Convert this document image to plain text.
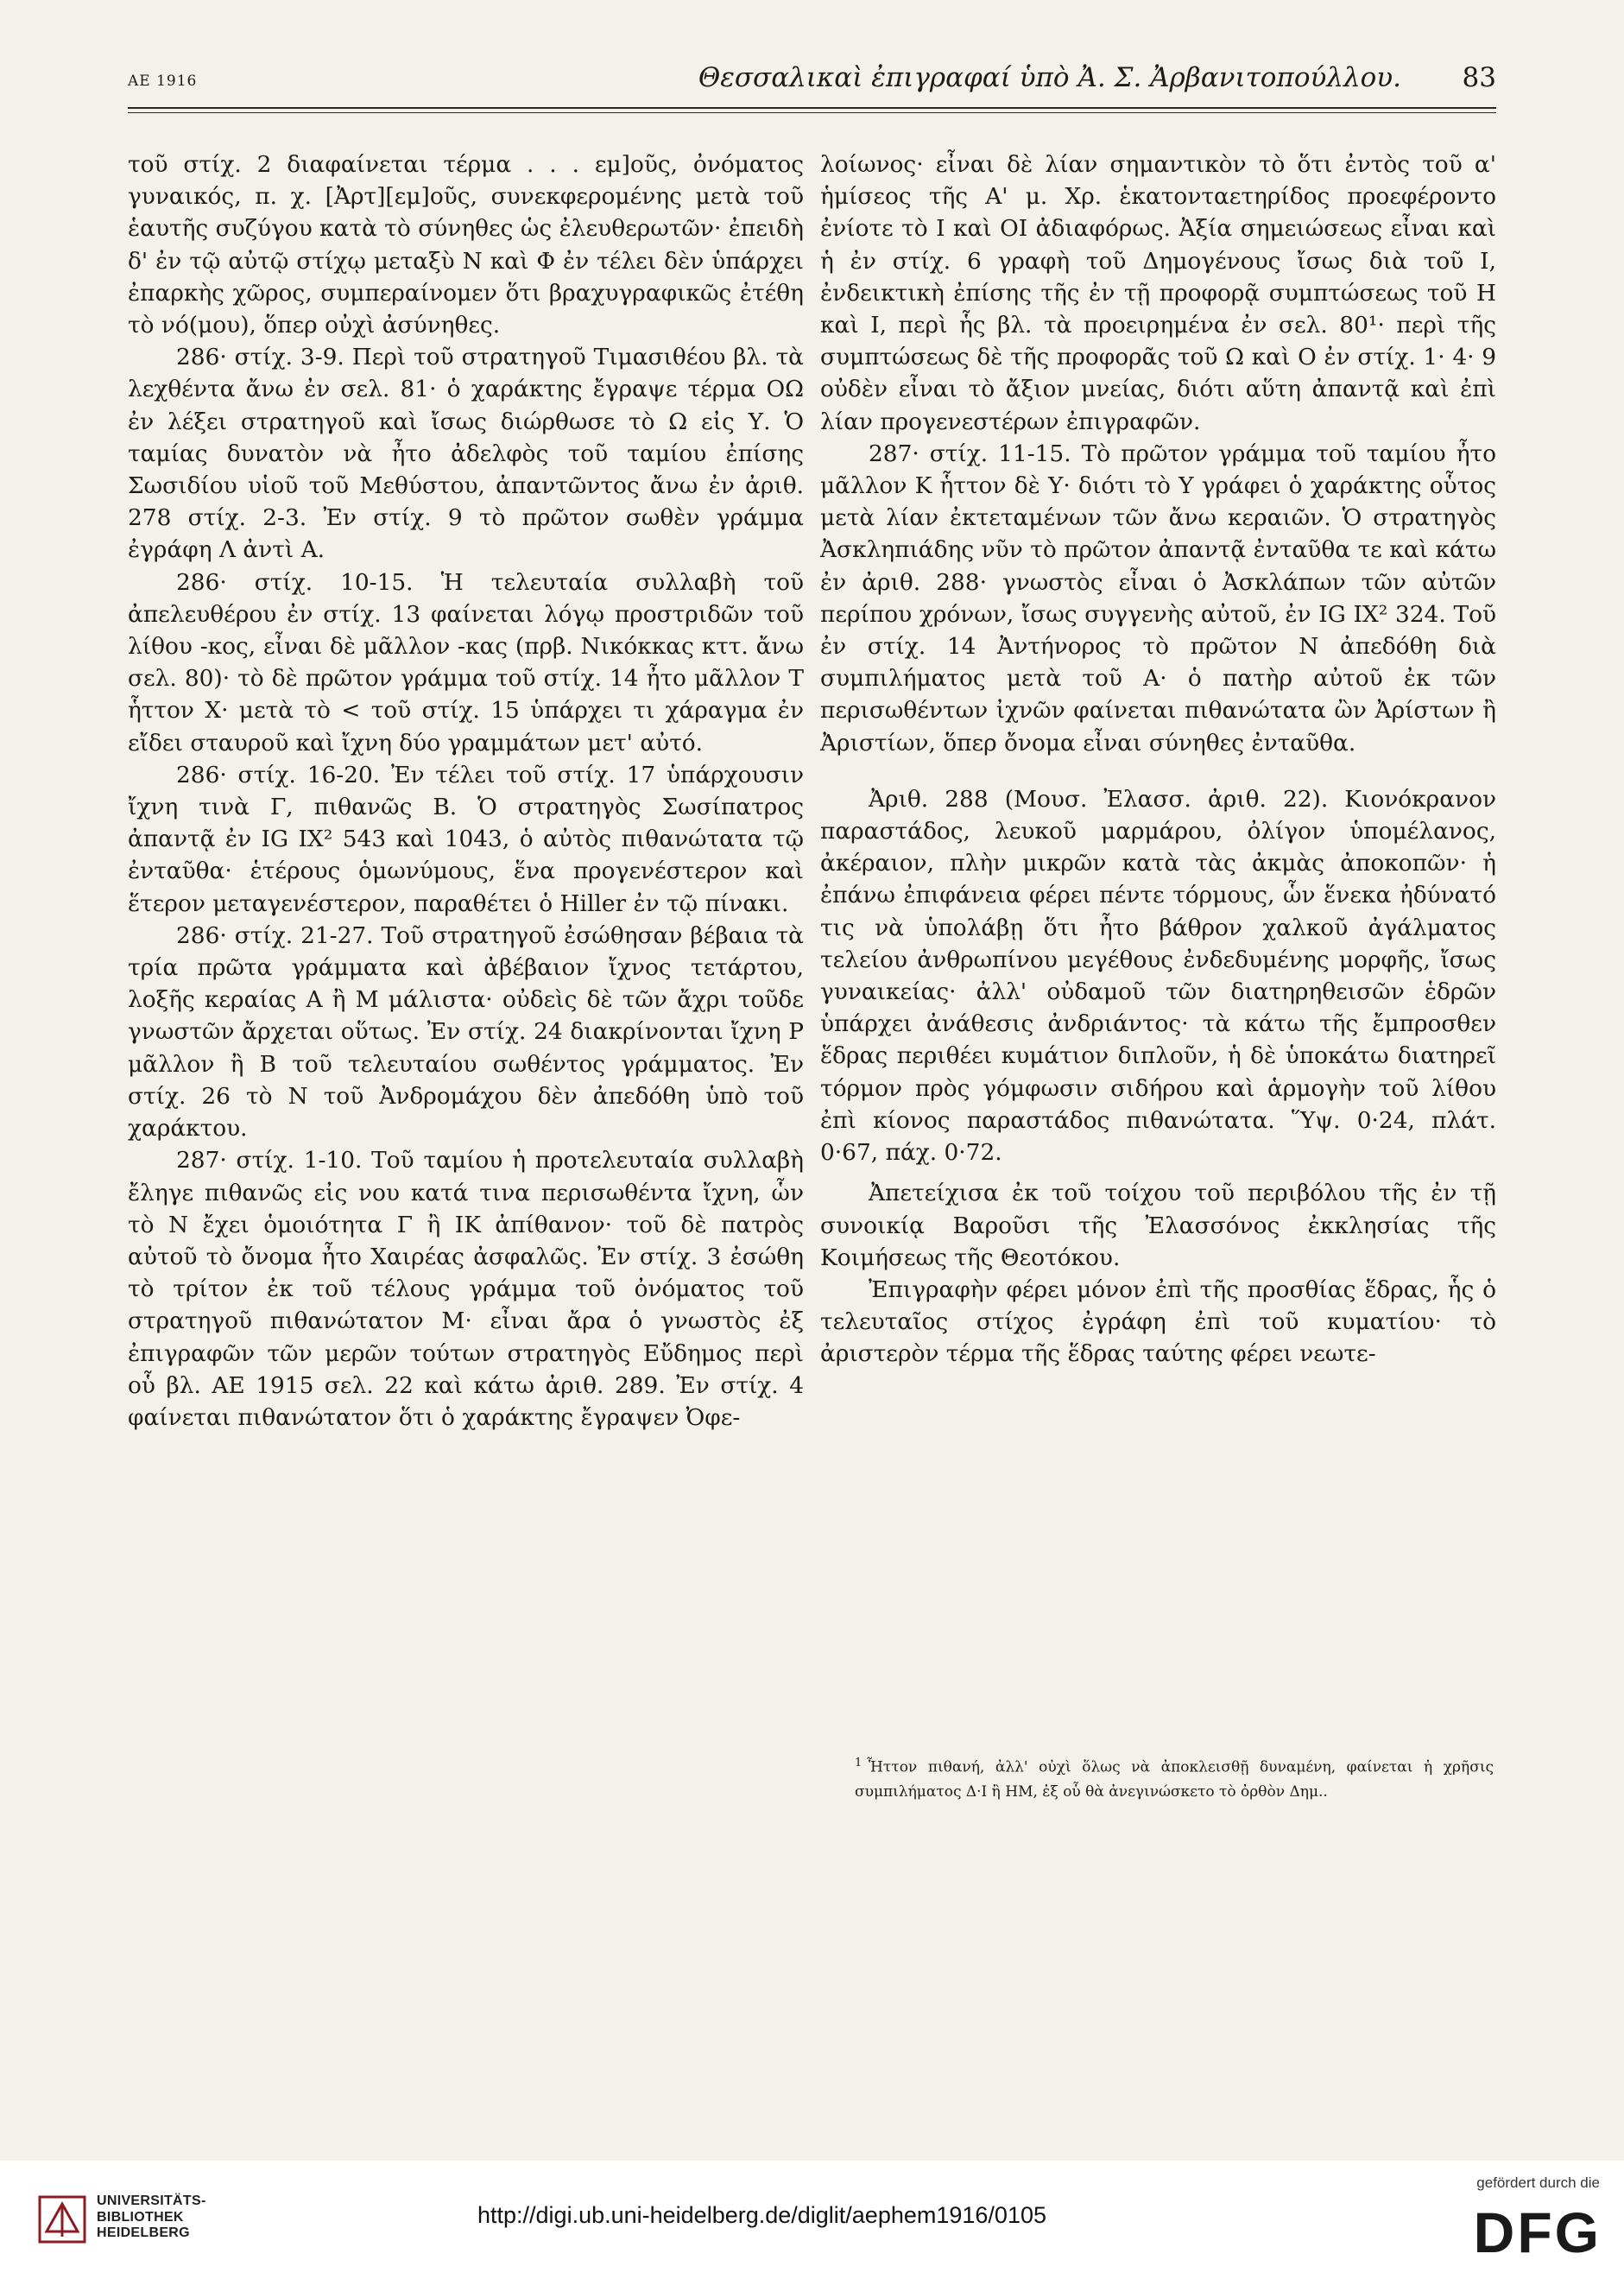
ΑΕ 1916	Θεσσαλικαὶ ἐπιγραφαί ὑπὸ Ἀ. Σ. Ἀρβανιτοπούλλου. 83

τοῦ στίχ. 2 διαφαίνεται τέρμα . . . εμ]οῦς, ὀνόματος γυναικός, π. χ. [Ἀρτ][εμ]οῦς, συνεκφερομένης μετὰ τοῦ ἑαυτῆς συζύγου κατὰ τὸ σύνηθες ὡς ἐλευθερωτῶν· ἐπειδὴ δ' ἐν τῷ αὐτῷ στίχῳ μεταξὺ Ν καὶ Φ ἐν τέλει δὲν ὑπάρχει ἐπαρκὴς χῶρος, συμπεραίνομεν ὅτι βραχυγραφικῶς ἐτέθη τὸ νό(μου), ὅπερ οὐχὶ ἀσύνηθες.

286· στίχ. 3-9. Περὶ τοῦ στρατηγοῦ Τιμασιθέου βλ. τὰ λεχθέντα ἄνω ἐν σελ. 81· ὁ χαράκτης ἔγραψε τέρμα ΟΩ ἐν λέξει στρατηγοῦ καὶ ἴσως διώρθωσε τὸ Ω εἰς Υ. Ὁ ταμίας δυνατὸν νὰ ἦτο ἀδελφὸς τοῦ ταμίου ἐπίσης Σωσιδίου υἱοῦ τοῦ Μεθύστου, ἀπαντῶντος ἄνω ἐν ἀριθ. 278 στίχ. 2-3. Ἐν στίχ. 9 τὸ πρῶτον σωθὲν γράμμα ἐγράφη Λ ἀντὶ Α.

286· στίχ. 10-15. Ἡ τελευταία συλλαβὴ τοῦ ἀπελευθέρου ἐν στίχ. 13 φαίνεται λόγῳ προστριδῶν τοῦ λίθου -κος, εἶναι δὲ μᾶλλον -κας (πρβ. Νικόκκας κττ. ἄνω σελ. 80)· τὸ δὲ πρῶτον γράμμα τοῦ στίχ. 14 ἦτο μᾶλλον Τ ἧττον Χ· μετὰ τὸ < τοῦ στίχ. 15 ὑπάρχει τι χάραγμα ἐν εἴδει σταυροῦ καὶ ἴχνη δύο γραμμάτων μετ' αὐτό.

286· στίχ. 16-20. Ἐν τέλει τοῦ στίχ. 17 ὑπάρχουσιν ἴχνη τινὰ Γ, πιθανῶς Β. Ὁ στρατηγὸς Σωσίπατρος ἀπαντᾷ ἐν IG IX² 543 καὶ 1043, ὁ αὐτὸς πιθανώτατα τῷ ἐνταῦθα· ἑτέρους ὁμωνύμους, ἕνα προγενέστερον καὶ ἕτερον μεταγενέστερον, παραθέτει ὁ Hiller ἐν τῷ πίνακι.

286· στίχ. 21-27. Τοῦ στρατηγοῦ ἐσώθησαν βέβαια τὰ τρία πρῶτα γράμματα καὶ ἀβέβαιον ἴχνος τετάρτου, λοξῆς κεραίας Α ἢ Μ μάλιστα· οὐδεὶς δὲ τῶν ἄχρι τοῦδε γνωστῶν ἄρχεται οὕτως. Ἐν στίχ. 24 διακρίνονται ἴχνη Ρ μᾶλλον ἢ Β τοῦ τελευταίου σωθέντος γράμματος. Ἐν στίχ. 26 τὸ Ν τοῦ Ἀνδρομάχου δὲν ἀπεδόθη ὑπὸ τοῦ χαράκτου.

287· στίχ. 1-10. Τοῦ ταμίου ἡ προτελευταία συλλαβὴ ἔληγε πιθανῶς εἰς νου κατά τινα περισωθέντα ἴχνη, ὧν τὸ Ν ἔχει ὁμοιότητα Γ ἢ ΙΚ ἀπίθανον· τοῦ δὲ πατρὸς αὐτοῦ τὸ ὄνομα ἦτο Χαιρέας ἀσφαλῶς. Ἐν στίχ. 3 ἐσώθη τὸ τρίτον ἐκ τοῦ τέλους γράμμα τοῦ ὀνόματος τοῦ στρατηγοῦ πιθανώτατον Μ· εἶναι ἄρα ὁ γνωστὸς ἐξ ἐπιγραφῶν τῶν μερῶν τούτων στρατηγὸς Εὔδημος περὶ οὗ βλ. ΑΕ 1915 σελ. 22 καὶ κάτω ἀριθ. 289. Ἐν στίχ. 4 φαίνεται πιθανώτατον ὅτι ὁ χαράκτης ἔγραψεν Ὀφε-

λοίωνος· εἶναι δὲ λίαν σημαντικὸν τὸ ὅτι ἐντὸς τοῦ α' ἡμίσεος τῆς Α' μ. Χρ. ἑκατονταετηρίδος προεφέροντο ἐνίοτε τὸ Ι καὶ ΟΙ ἀδιαφόρως. Ἀξία σημειώσεως εἶναι καὶ ἡ ἐν στίχ. 6 γραφὴ τοῦ Δημογένους ἴσως διὰ τοῦ Ι, ἐνδεικτικὴ ἐπίσης τῆς ἐν τῇ προφορᾷ συμπτώσεως τοῦ Η καὶ Ι, περὶ ἧς βλ. τὰ προειρημένα ἐν σελ. 80¹· περὶ τῆς συμπτώσεως δὲ τῆς προφορᾶς τοῦ Ω καὶ Ο ἐν στίχ. 1· 4· 9 οὐδὲν εἶναι τὸ ἄξιον μνείας, διότι αὕτη ἀπαντᾷ καὶ ἐπὶ λίαν προγενεστέρων ἐπιγραφῶν.

287· στίχ. 11-15. Τὸ πρῶτον γράμμα τοῦ ταμίου ἦτο μᾶλλον Κ ἧττον δὲ Υ· διότι τὸ Υ γράφει ὁ χαράκτης οὗτος μετὰ λίαν ἐκτεταμένων τῶν ἄνω κεραιῶν. Ὁ στρατηγὸς Ἀσκληπιάδης νῦν τὸ πρῶτον ἀπαντᾷ ἐνταῦθα τε καὶ κάτω ἐν ἀριθ. 288· γνωστὸς εἶναι ὁ Ἀσκλάπων τῶν αὐτῶν περίπου χρόνων, ἴσως συγγενὴς αὐτοῦ, ἐν IG IX² 324. Τοῦ ἐν στίχ. 14 Ἀντήνορος τὸ πρῶτον Ν ἀπεδόθη διὰ συμπιλήματος μετὰ τοῦ Α· ὁ πατὴρ αὐτοῦ ἐκ τῶν περισωθέντων ἰχνῶν φαίνεται πιθανώτατα ὢν Ἀρίστων ἢ Ἀριστίων, ὅπερ ὄνομα εἶναι σύνηθες ἐνταῦθα.

Ἀριθ. 288 (Μουσ. Ἐλασσ. ἀριθ. 22). Κιονόκρανον παραστάδος, λευκοῦ μαρμάρου, ὀλίγον ὑπομέλανος, ἀκέραιον, πλὴν μικρῶν κατὰ τὰς ἀκμὰς ἀποκοπῶν· ἡ ἐπάνω ἐπιφάνεια φέρει πέντε τόρμους, ὧν ἕνεκα ἠδύνατό τις νὰ ὑπολάβῃ ὅτι ἦτο βάθρον χαλκοῦ ἀγάλματος τελείου ἀνθρωπίνου μεγέθους ἐνδεδυμένης μορφῆς, ἴσως γυναικείας· ἀλλ' οὐδαμοῦ τῶν διατηρηθεισῶν ἑδρῶν ὑπάρχει ἀνάθεσις ἀνδριάντος· τὰ κάτω τῆς ἔμπροσθεν ἕδρας περιθέει κυμάτιον διπλοῦν, ἡ δὲ ὑποκάτω διατηρεῖ τόρμον πρὸς γόμφωσιν σιδήρου καὶ ἁρμογὴν τοῦ λίθου ἐπὶ κίονος παραστάδος πιθανώτατα. Ὕψ. 0·24, πλάτ. 0·67, πάχ. 0·72.

Ἀπετείχισα ἐκ τοῦ τοίχου τοῦ περιβόλου τῆς ἐν τῇ συνοικίᾳ Βαροῦσι τῆς Ἐλασσόνος ἐκκλησίας τῆς Κοιμήσεως τῆς Θεοτόκου.

Ἐπιγραφὴν φέρει μόνον ἐπὶ τῆς προσθίας ἕδρας, ἧς ὁ τελευταῖος στίχος ἐγράφη ἐπὶ τοῦ κυματίου· τὸ ἀριστερὸν τέρμα τῆς ἕδρας ταύτης φέρει νεωτε-

$^1$ Ἧττον πιθανή, ἀλλ' οὐχὶ ὅλως νὰ ἀποκλεισθῇ δυναμένη, φαίνεται ἡ χρῆσις συμπιλήματος Δ·Ι ἢ ΗΜ, ἐξ οὗ θὰ ἀνεγινώσκετο τὸ ὀρθὸν Δημ..
UNIVERSITÄTS-
BIBLIOTHEK
HEIDELBERG
http://digi.ub.uni-heidelberg.de/diglit/aephem1916/0105
gefördert durch die
DFG
